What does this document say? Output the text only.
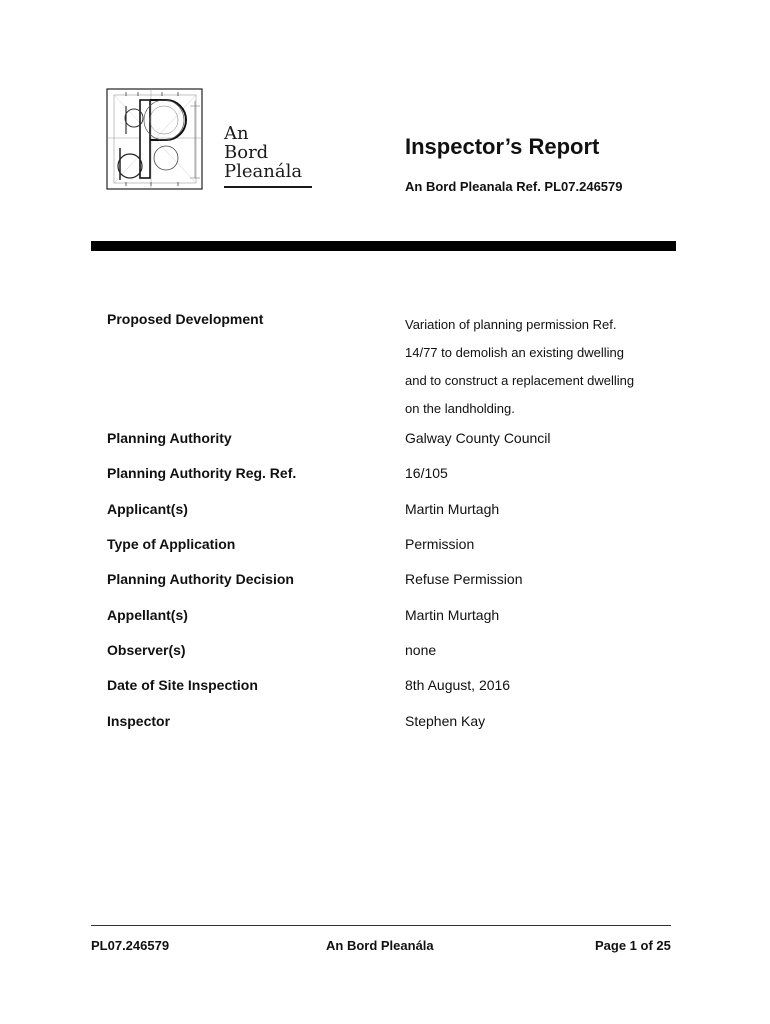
An
Bord
Pleanála
Inspector’s Report
An Bord Pleanala Ref. PL07.246579
Proposed Development	Variation of planning permission Ref.
14/77 to demolish an existing dwelling
and to construct a replacement dwelling
on the landholding.
Planning Authority	Galway County Council
Planning Authority Reg. Ref.	16/105
Applicant(s)	Martin Murtagh
Type of Application	Permission
Planning Authority Decision	Refuse Permission
Appellant(s)	Martin Murtagh
Observer(s)	none
Date of Site Inspection	8th August, 2016
Inspector	Stephen Kay
PL07.246579	An Bord Pleanála	Page 1 of 25
